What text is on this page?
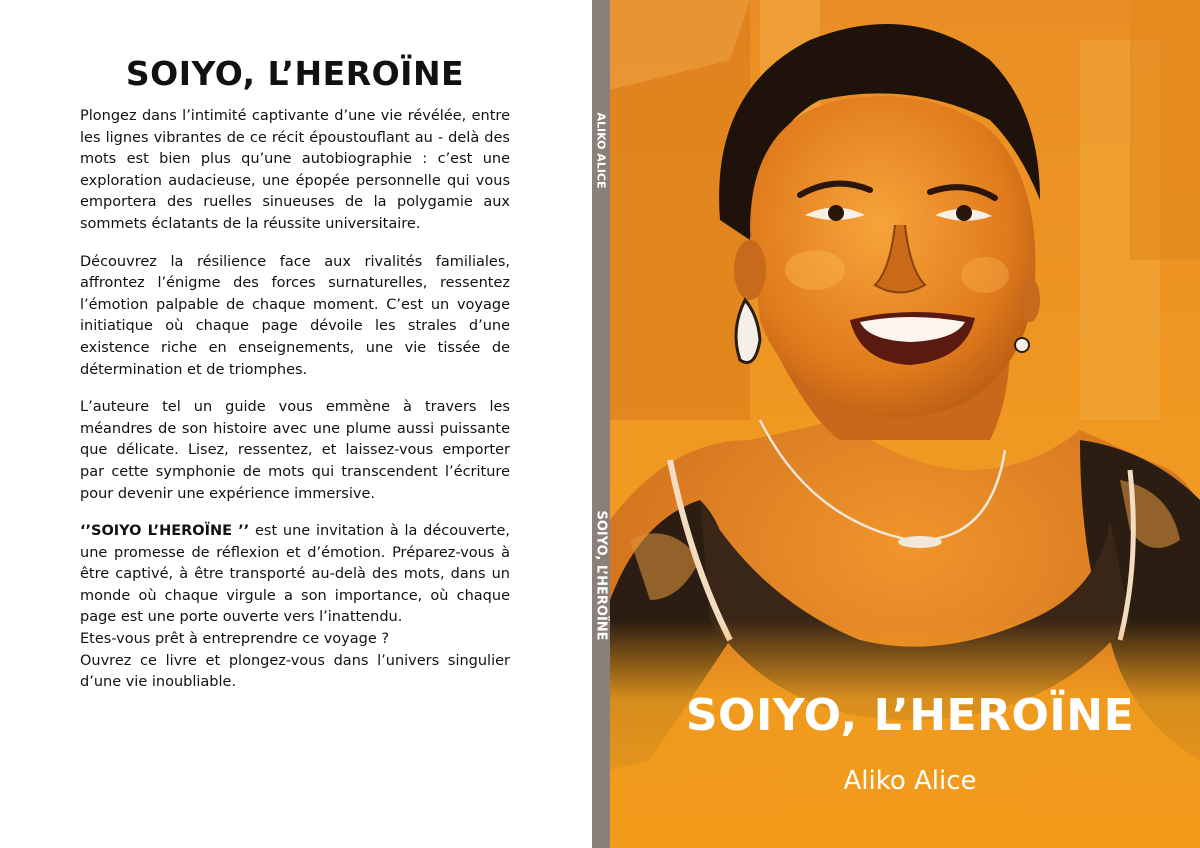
SOIYO, L’HEROÏNE

Plongez dans l’intimité captivante d’une vie révélée, entre les lignes vibrantes de ce récit époustouflant au - delà des mots est bien plus qu’une autobiographie : c’est une exploration audacieuse, une épopée personnelle qui vous emportera des ruelles sinueuses de la polygamie aux sommets éclatants de la réussite universitaire.

Découvrez la résilience face aux rivalités familiales, affrontez l’énigme des forces surnaturelles, ressentez l’émotion palpable de chaque moment. C’est un voyage initiatique où chaque page dévoile les strales d’une existence riche en enseignements, une vie tissée de détermination et de triomphes.

L’auteure tel un guide vous emmène à travers les méandres de son histoire avec une plume aussi puissante que délicate. Lisez, ressentez, et laissez-vous emporter par cette symphonie de mots qui transcendent l’écriture pour devenir une expérience immersive.

‘’SOIYO L’HEROÏNE ’’ est une invitation à la découverte, une promesse de réflexion et d’émotion. Préparez-vous à être captivé, à être transporté au-delà des mots, dans un monde où chaque virgule a son importance, où chaque page est une porte ouverte vers l’inattendu.

Etes-vous prêt à entreprendre ce voyage ?

Ouvrez ce livre et plongez-vous dans l’univers singulier d’une vie inoubliable.

ALIKO ALICE
SOIYO, L’HEROÏNE
SOIYO, L’HEROÏNE
Aliko Alice
